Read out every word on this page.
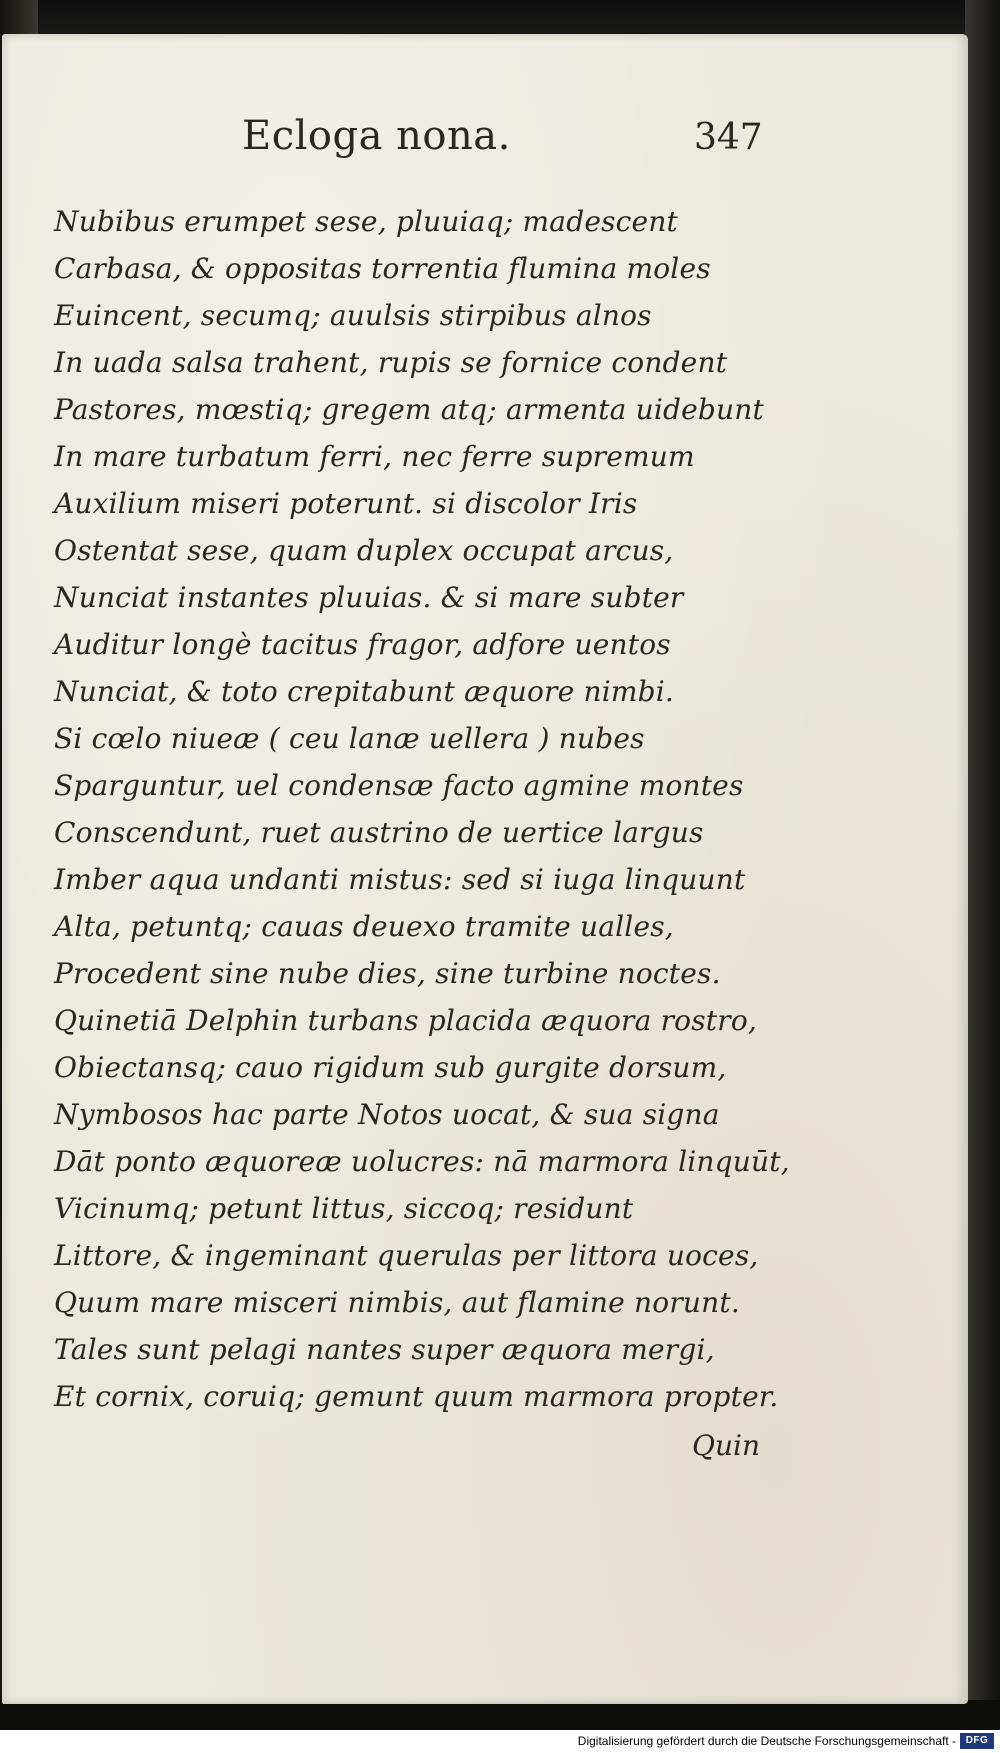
Ecloga nona.	347
Nubibus erumpet sese, pluuiaq; madescent
Carbasa, & oppositas torrentia flumina moles
Euincent, secumq; auulsis stirpibus alnos
In uada salsa trahent, rupis se fornice condent
Pastores, mœstiq; gregem atq; armenta uidebunt
In mare turbatum ferri, nec ferre supremum
Auxilium miseri poterunt. si discolor Iris
Ostentat sese, quam duplex occupat arcus,
Nunciat instantes pluuias. & si mare subter
Auditur longè tacitus fragor, adfore uentos
Nunciat, & toto crepitabunt æquore nimbi.
Si cœlo niueæ ( ceu lanæ uellera ) nubes
Sparguntur, uel condensæ facto agmine montes
Conscendunt, ruet austrino de uertice largus
Imber aqua undanti mistus: sed si iuga linquunt
Alta, petuntq; cauas deuexo tramite ualles,
Procedent sine nube dies, sine turbine noctes.
Quinetiā Delphin turbans placida æquora rostro,
Obiectansq; cauo rigidum sub gurgite dorsum,
Nymbosos hac parte Notos uocat, & sua signa
Dāt ponto æquoreæ uolucres: nā marmora linquūt,
Vicinumq; petunt littus, siccoq; residunt
Littore, & ingeminant querulas per littora uoces,
Quum mare misceri nimbis, aut flamine norunt.
Tales sunt pelagi nantes super æquora mergi,
Et cornix, coruiq; gemunt quum marmora propter.
Quin
Digitalisierung gefördert durch die Deutsche Forschungsgemeinschaft - DFG
